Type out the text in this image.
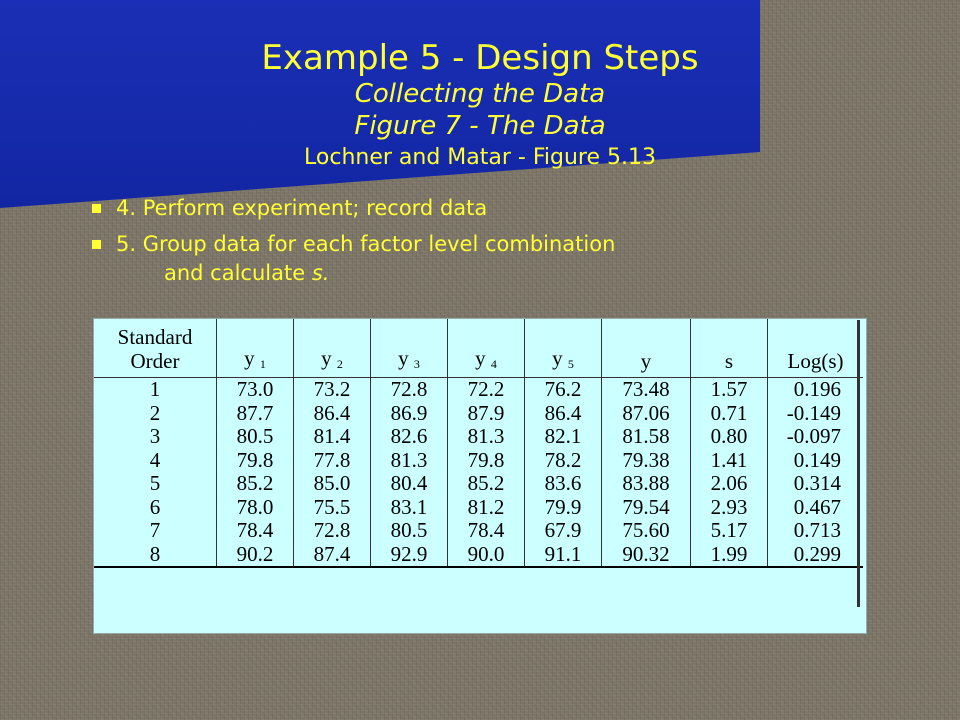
Example 5 - Design Steps
Collecting the Data
Figure 7 - The Data
Lochner and Matar - Figure 5.13
4. Perform experiment; record data
5. Group data for each factor level combination
and calculate s.
Standard
Order	y $_1$	y $_2$	y $_3$	y $_4$	y $_5$	y	s	Log(s)

1	73.0	73.2	72.8	72.2	76.2	73.48	1.57	0.196
2	87.7	86.4	86.9	87.9	86.4	87.06	0.71	-0.149
3	80.5	81.4	82.6	81.3	82.1	81.58	0.80	-0.097
4	79.8	77.8	81.3	79.8	78.2	79.38	1.41	0.149
5	85.2	85.0	80.4	85.2	83.6	83.88	2.06	0.314
6	78.0	75.5	83.1	81.2	79.9	79.54	2.93	0.467
7	78.4	72.8	80.5	78.4	67.9	75.60	5.17	0.713
8	90.2	87.4	92.9	90.0	91.1	90.32	1.99	0.299
